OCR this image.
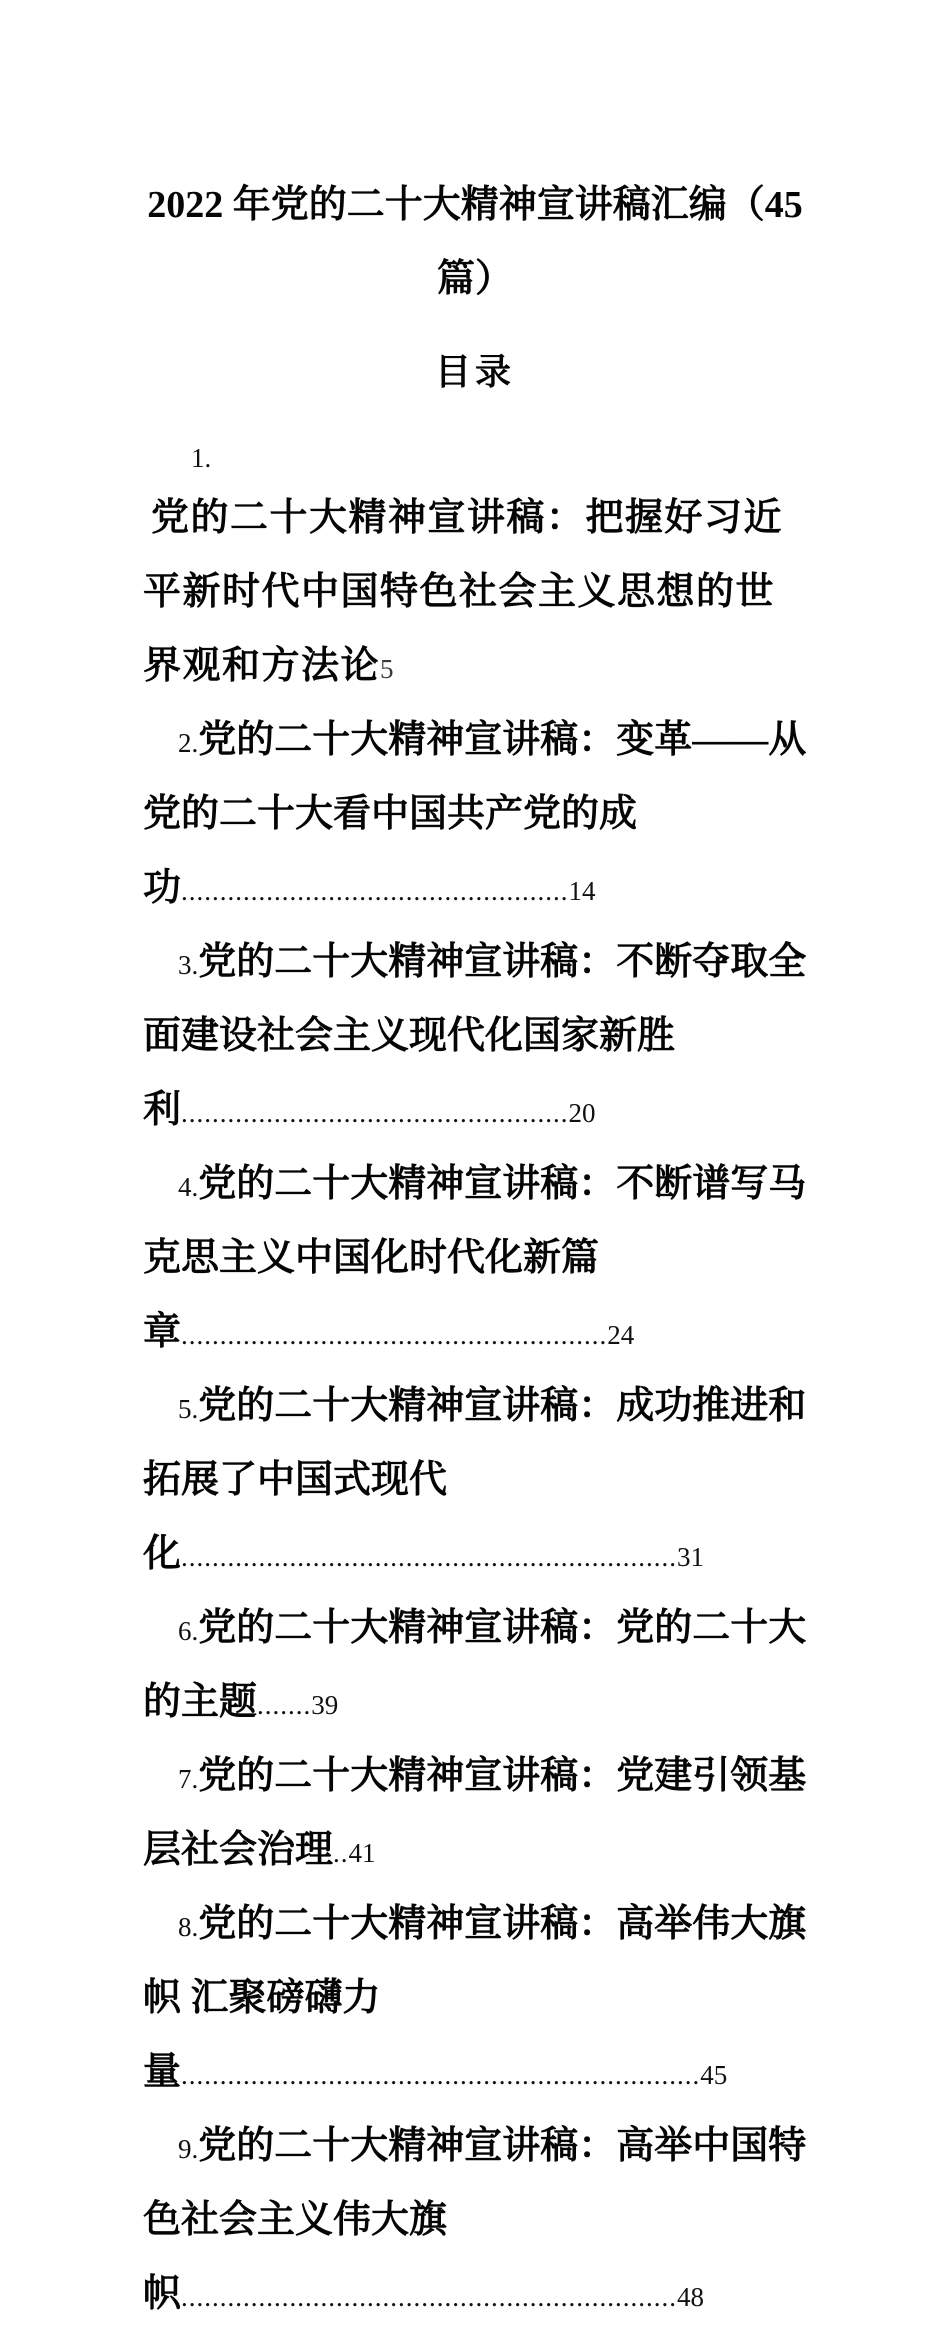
2022 年党的二十大精神宣讲稿汇编（45 篇）
目录

1.

党的二十大精神宣讲稿：把握好习近平新时代中国特色社会主义思想的世界观和方法论5

2.党的二十大精神宣讲稿：变革——从党的二十大看中国共产党的成功..................................................14

3.党的二十大精神宣讲稿：不断夺取全面建设社会主义现代化国家新胜利..................................................20

4.党的二十大精神宣讲稿：不断谱写马克思主义中国化时代化新篇章.......................................................24

5.党的二十大精神宣讲稿：成功推进和拓展了中国式现代化................................................................31

6.党的二十大精神宣讲稿：党的二十大的主题.......39

7.党的二十大精神宣讲稿：党建引领基层社会治理..41

8.党的二十大精神宣讲稿：高举伟大旗帜 汇聚磅礴力量...................................................................45

9.党的二十大精神宣讲稿：高举中国特色社会主义伟大旗帜................................................................48
